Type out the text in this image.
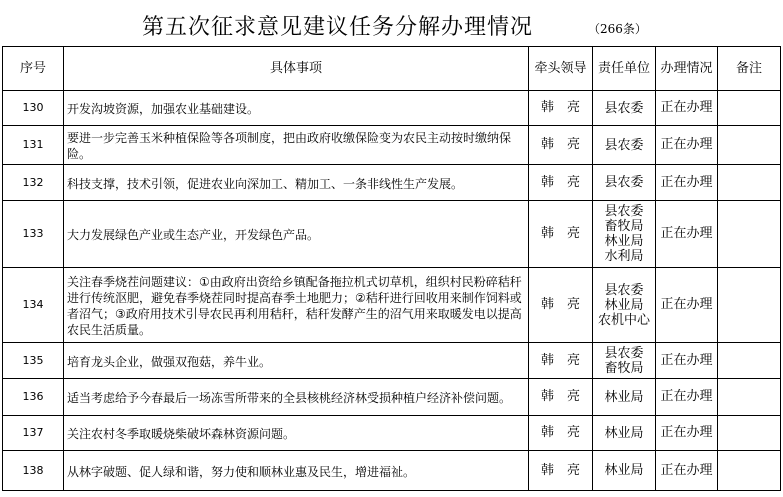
第五次征求意见建议任务分解办理情况	（266条）
序号	具体事项	牵头领导	责任单位	办理情况	备注
130	开发沟坡资源，加强农业基础建设。	韩　亮	县农委	正在办理	
131	要进一步完善玉米种植保险等各项制度，把由政府收缴保险变为农民主动按时缴纳保险。	韩　亮	县农委	正在办理	
132	科技支撑，技术引领，促进农业向深加工、精加工、一条非线性生产发展。	韩　亮	县农委	正在办理	
133	大力发展绿色产业或生态产业，开发绿色产品。	韩　亮	县农委
畜牧局
林业局
水利局	正在办理	
134	关注春季烧茬问题建议：①由政府出资给乡镇配备拖拉机式切草机，组织村民粉碎秸秆进行传统沤肥，避免春季烧茬同时提高春季土地肥力；②秸秆进行回收用来制作饲料或者沼气；③政府用技术引导农民再利用秸秆，秸秆发酵产生的沼气用来取暖发电以提高农民生活质量。	韩　亮	县农委
林业局
农机中心	正在办理	
135	培育龙头企业，做强双孢菇，养牛业。	韩　亮	县农委
畜牧局	正在办理	
136	适当考虑给予今春最后一场冻雪所带来的全县核桃经济林受损种植户经济补偿问题。	韩　亮	林业局	正在办理	
137	关注农村冬季取暖烧柴破坏森林资源问题。	韩　亮	林业局	正在办理	
138	从林字破题、促人绿和谐，努力使和顺林业惠及民生，增进福祉。	韩　亮	林业局	正在办理	
